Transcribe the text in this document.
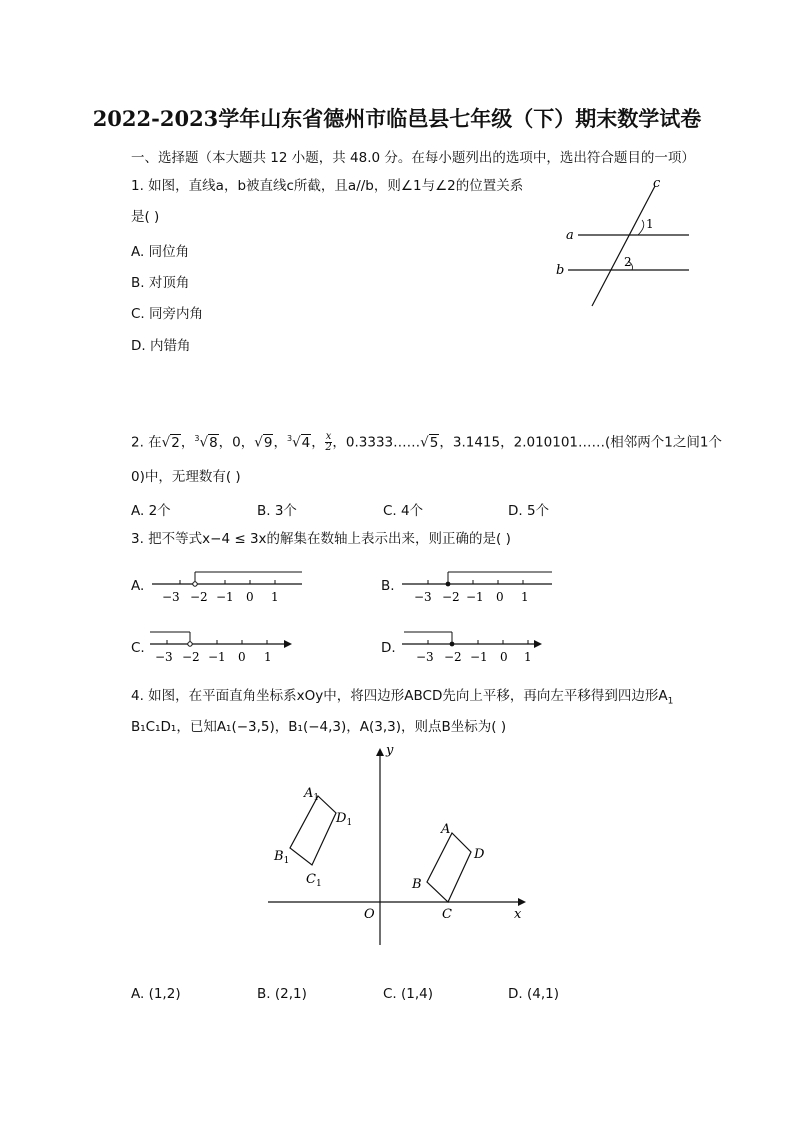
2022-2023学年山东省德州市临邑县七年级（下）期末数学试卷
一、选择题（本大题共 12 小题，共 48.0 分。在每小题列出的选项中，选出符合题目的一项）
1. 如图，直线a，b被直线c所截，且a//b，则∠1与∠2的位置关系
是( )
A. 同位角
B. 对顶角
C. 同旁内角
D. 内错角
a
b
c
1
2
2. 在√2，$^3$√8，0，√9，$^3$√4， $\frac{x}{2}$ ，0.3333……√5，3.1415，2.010101……(相邻两个1之间1个
0)中，无理数有( )
A. 2个	B. 3个	C. 4个	D. 5个
3. 把不等式x−4 ≤ 3x的解集在数轴上表示出来，则正确的是( )
A.
−3 −2 −1 0 1
B.
−3 −2 −1 0 1
C.
−3 −2 −1 0 1
D.
−3 −2 −1 0 1
4. 如图，在平面直角坐标系xOy中，将四边形ABCD先向上平移，再向左平移得到四边形$A_1$
B₁C₁D₁，已知A₁(−3,5)，B₁(−4,3)，A(3,3)，则点B坐标为( )
x
y
O
A
B
C
D
$A_1$
$B_1$
$C_1$
$D_1$
A. (1,2)	B. (2,1)	C. (1,4)	D. (4,1)
